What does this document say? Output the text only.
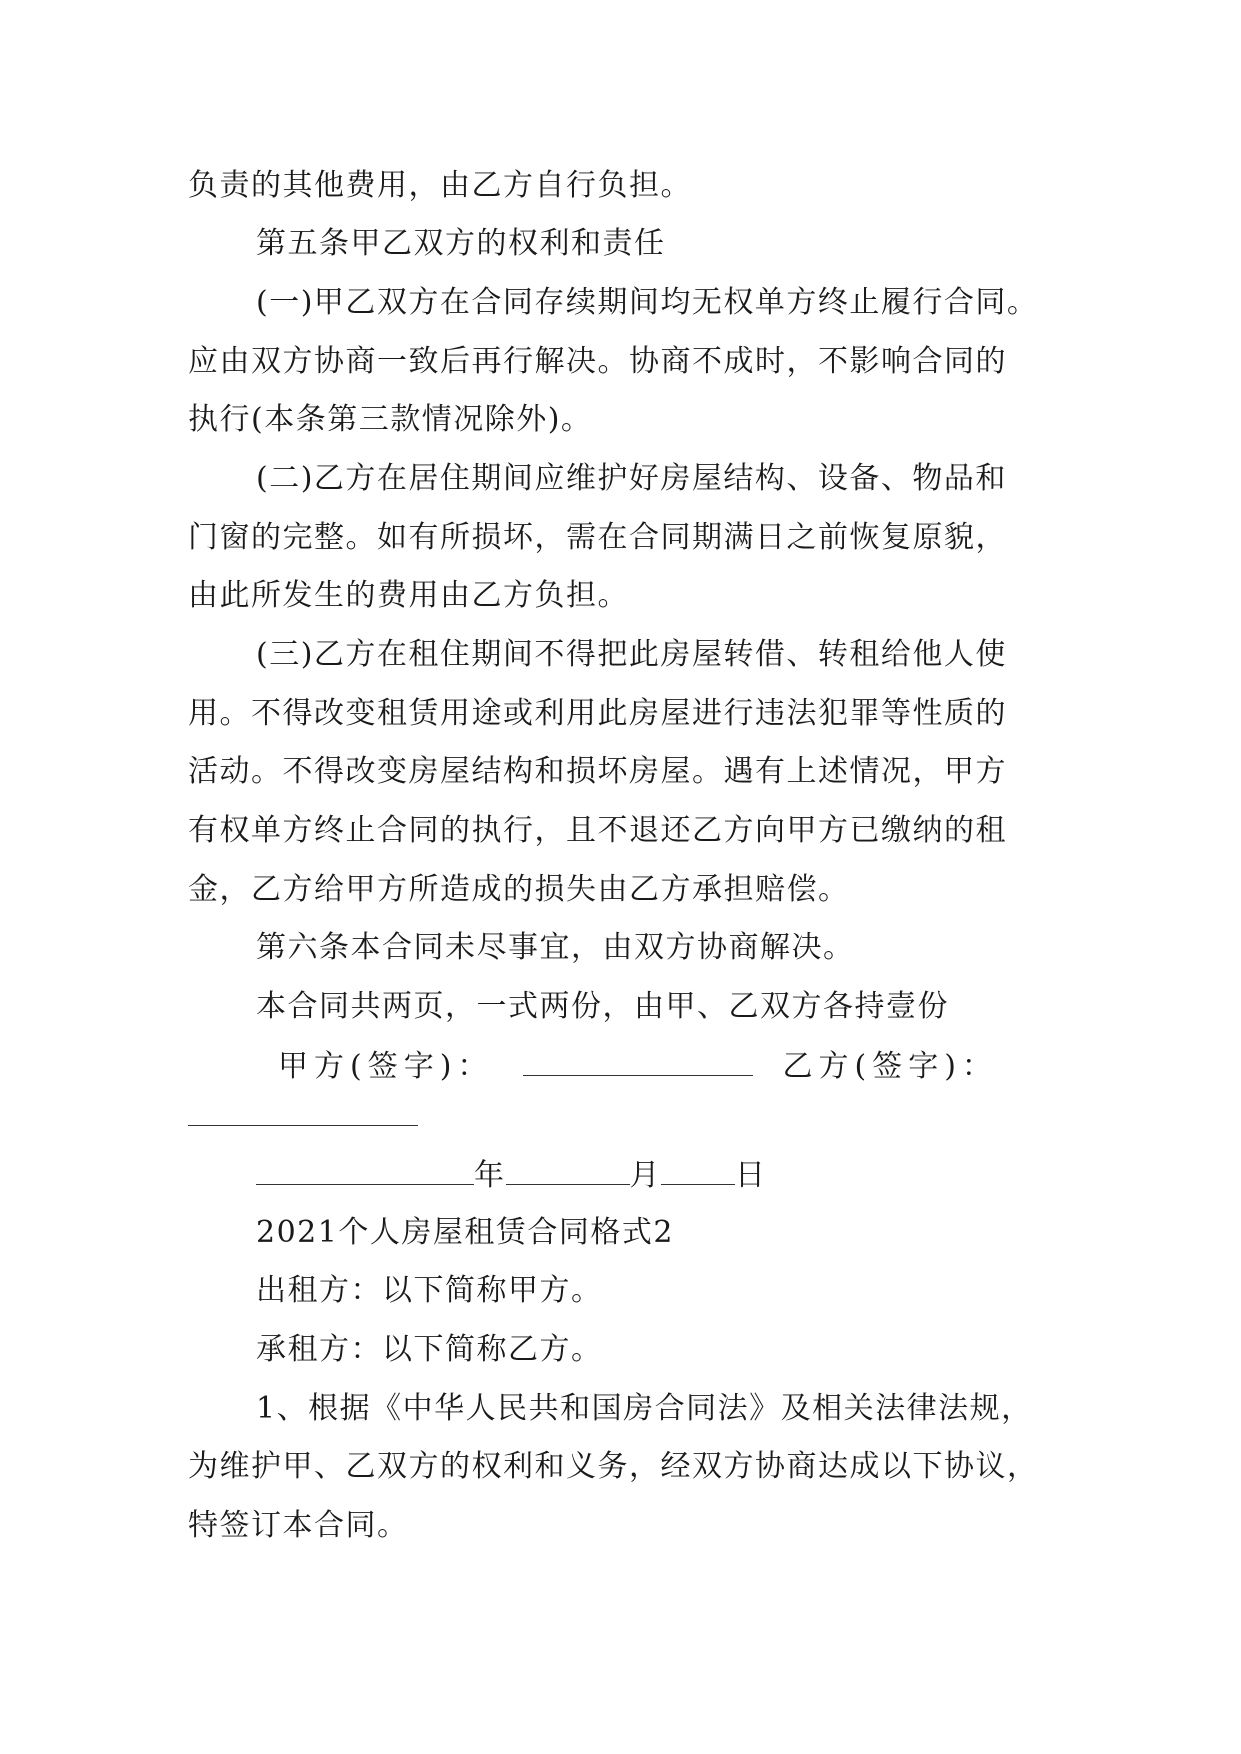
负责的其他费用，由乙方自行负担。
第五条甲乙双方的权利和责任
(一)甲乙双方在合同存续期间均无权单方终止履行合同。
应由双方协商一致后再行解决。协商不成时，不影响合同的
执行(本条第三款情况除外)。
(二)乙方在居住期间应维护好房屋结构、设备、物品和
门窗的完整。如有所损坏，需在合同期满日之前恢复原貌，
由此所发生的费用由乙方负担。
(三)乙方在租住期间不得把此房屋转借、转租给他人使
用。不得改变租赁用途或利用此房屋进行违法犯罪等性质的
活动。不得改变房屋结构和损坏房屋。遇有上述情况，甲方
有权单方终止合同的执行，且不退还乙方向甲方已缴纳的租
金，乙方给甲方所造成的损失由乙方承担赔偿。
第六条本合同未尽事宜，由双方协商解决。
本合同共两页，一式两份，由甲、乙双方各持壹份
甲方(签字)：	乙方(签字)：
年	月 日
2021个人房屋租赁合同格式2
出租方：以下简称甲方。
承租方：以下简称乙方。
1、根据《中华人民共和国房合同法》及相关法律法规，
为维护甲、乙双方的权利和义务，经双方协商达成以下协议，
特签订本合同。
